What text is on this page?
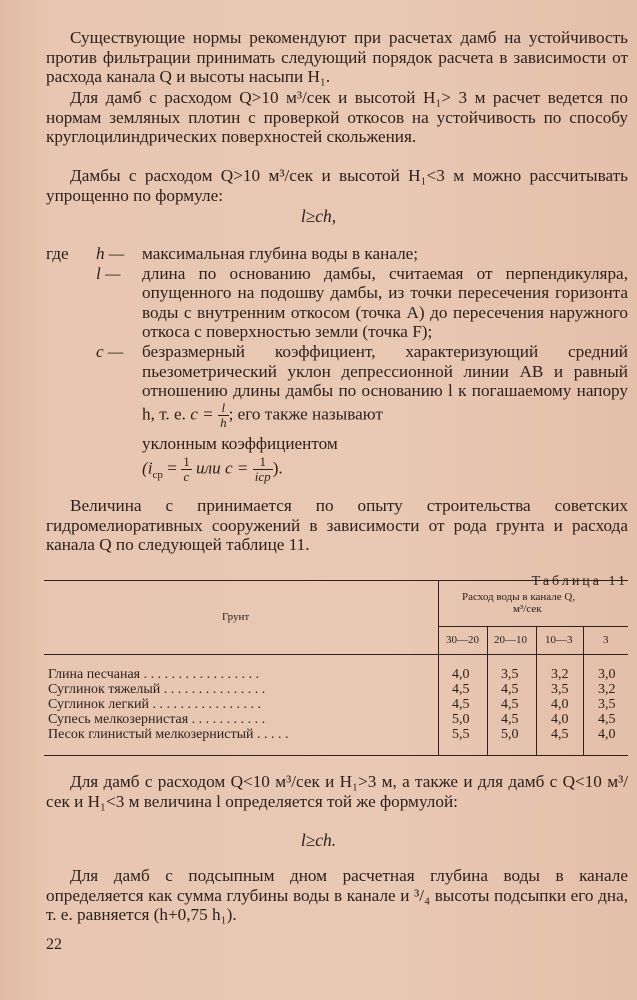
Существующие нормы рекомендуют при расчетах дамб на устойчивость против фильтрации принимать следующий порядок расчета в зависимости от расхода канала Q и высоты насыпи H₁.

Для дамб с расходом Q>10 м³/сек и высотой H₁> 3 м расчет ведется по нормам земляных плотин с проверкой откосов на устойчивость по способу круглоцилиндрических поверхностей скольжения.

Дамбы с расходом Q>10 м³/сек и высотой H₁<3 м можно рассчитывать упрощенно по формуле:

l≥ch,
где h — максимальная глубина воды в канале;
l — длина по основанию дамбы, считаемая от перпендикуляра, опущенного на подошву дамбы, из точки пересечения горизонта воды с внутренним откосом (точка A) до пересечения наружного откоса с поверхностью земли (точка F);
c — безразмерный коэффициент, характеризующий средний пьезометрический уклон депрессионной линии AB и равный отношению длины дамбы по основанию l к погашаемому напору h, т. е. $c = \frac{l}{h}$ ; его также называют
уклонным коэффициентом
($i_{ср} = \frac{1}{c}$ или $c = \frac{1}{\text{iср}}$ ).

Величина c принимается по опыту строительства советских гидромелиоративных сооружений в зависимости от рода грунта и расхода канала Q по следующей таблице 11.

Таблица 11
Грунт
Расход воды в канале Q,
м³/сек
30—20 20—10 10—3	3
Глина песчаная . . . . . . . . . . . . . . . . .	4,0 3,5 3,2 3,0
Суглинок тяжелый . . . . . . . . . . . . . . .	4,5 4,5 3,5 3,2
Суглинок легкий . . . . . . . . . . . . . . . .	4,5 4,5 4,0 3,5
Супесь мелкозернистая . . . . . . . . . . .	5,0 4,5 4,0 4,5
Песок глинистый мелкозернистый . . . . .	5,5 5,0 4,5 4,0

Для дамб с расходом Q<10 м³/сек и H₁>3 м, а также и для дамб с Q<10 м³/сек и H₁<3 м величина l определяется той же формулой:

l≥ch.

Для дамб с подсыпным дном расчетная глубина воды в канале определяется как сумма глубины воды в канале и ³/₄ высоты подсыпки его дна, т. е. равняется (h+0,75 h₁).

22
